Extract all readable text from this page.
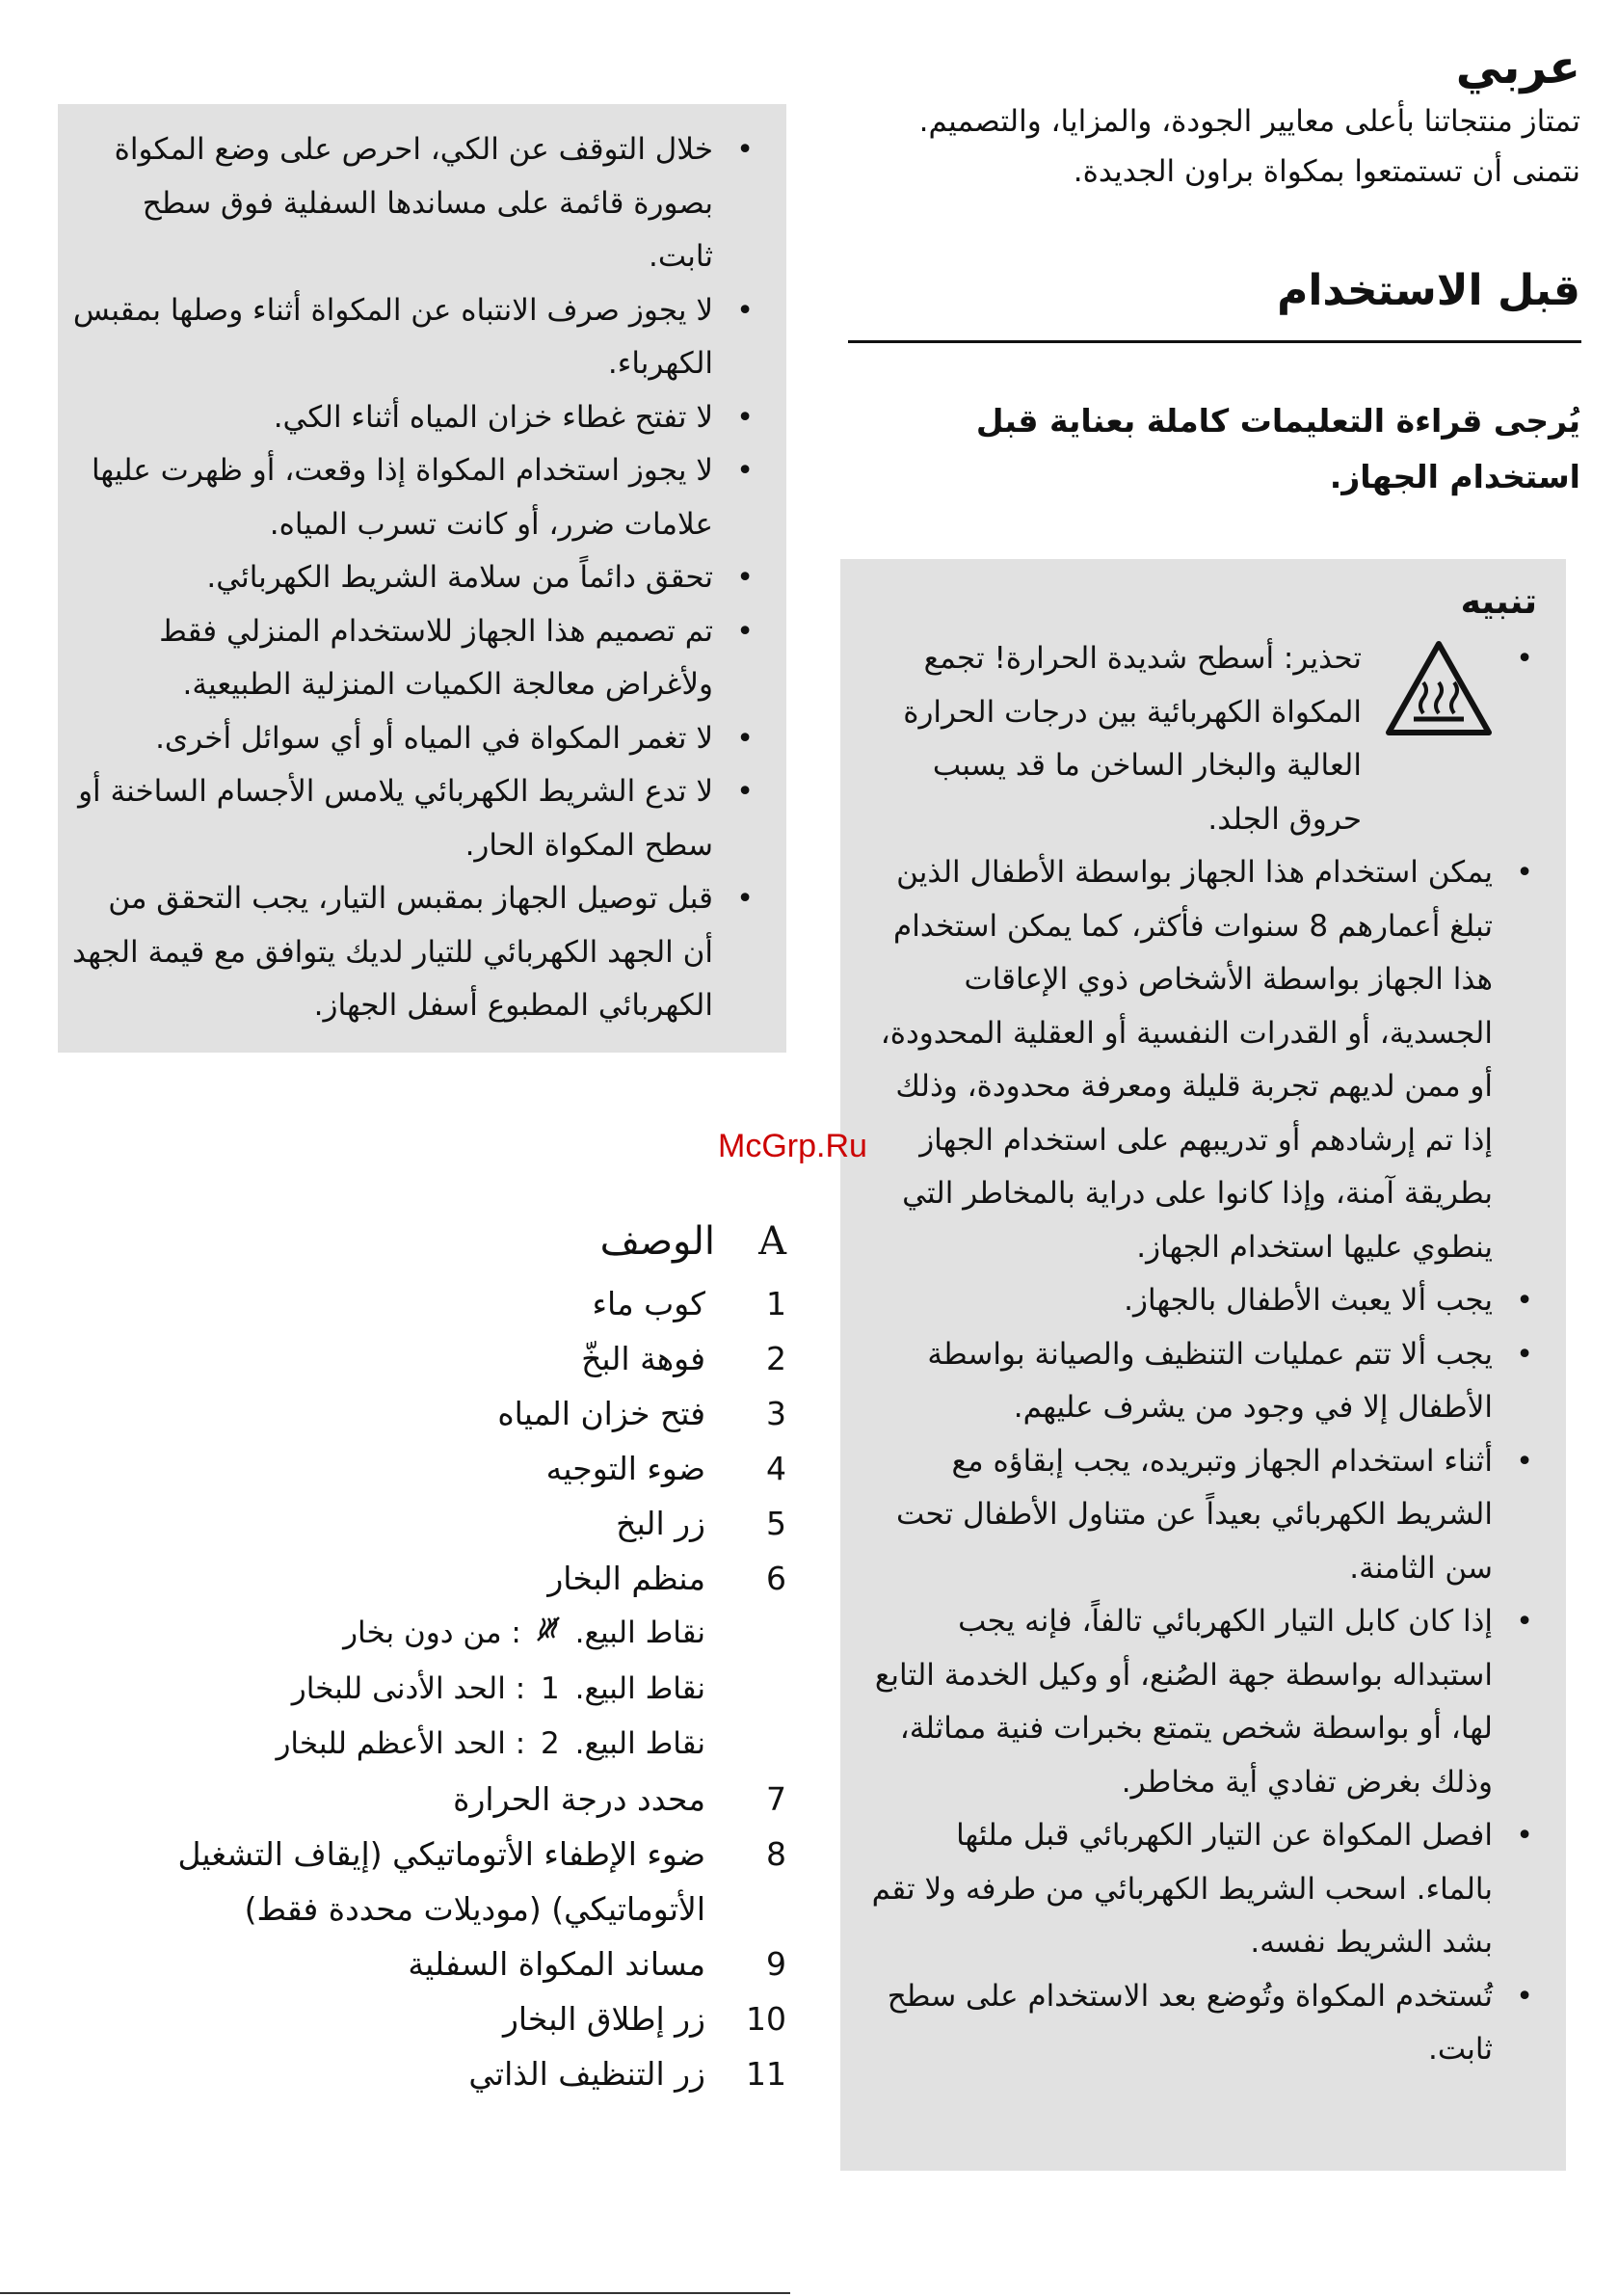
عربي
تمتاز منتجاتنا بأعلى معايير الجودة، والمزايا، والتصميم.
نتمنى أن تستمتعوا بمكواة براون الجديدة.
قبل الاستخدام
يُرجى قراءة التعليمات كاملة بعناية قبل استخدام الجهاز.
تنبيه
• تحذير: أسطح شديدة الحرارة! تجمع المكواة الكهربائية بين درجات الحرارة العالية والبخار الساخن ما قد يسبب حروق الجلد.
• يمكن استخدام هذا الجهاز بواسطة الأطفال الذين تبلغ أعمارهم 8 سنوات فأكثر، كما يمكن استخدام هذا الجهاز بواسطة الأشخاص ذوي الإعاقات الجسدية، أو القدرات النفسية أو العقلية المحدودة، أو ممن لديهم تجربة قليلة ومعرفة محدودة، وذلك إذا تم إرشادهم أو تدريبهم على استخدام الجهاز بطريقة آمنة، وإذا كانوا على دراية بالمخاطر التي ينطوي عليها استخدام الجهاز.
• يجب ألا يعبث الأطفال بالجهاز.
• يجب ألا تتم عمليات التنظيف والصيانة بواسطة الأطفال إلا في وجود من يشرف عليهم.
• أثناء استخدام الجهاز وتبريده، يجب إبقاؤه مع الشريط الكهربائي بعيداً عن متناول الأطفال تحت سن الثامنة.
• إذا كان كابل التيار الكهربائي تالفاً، فإنه يجب استبداله بواسطة جهة الصُنع، أو وكيل الخدمة التابع لها، أو بواسطة شخص يتمتع بخبرات فنية مماثلة، وذلك بغرض تفادي أية مخاطر.
• افصل المكواة عن التيار الكهربائي قبل ملئها بالماء. اسحب الشريط الكهربائي من طرفه ولا تقم بشد الشريط نفسه.
• تُستخدم المكواة وتُوضع بعد الاستخدام على سطح ثابت.
• خلال التوقف عن الكي، احرص على وضع المكواة بصورة قائمة على مساندها السفلية فوق سطح ثابت.
• لا يجوز صرف الانتباه عن المكواة أثناء وصلها بمقبس الكهرباء.
• لا تفتح غطاء خزان المياه أثناء الكي.
• لا يجوز استخدام المكواة إذا وقعت، أو ظهرت عليها علامات ضرر، أو كانت تسرب المياه.
• تحقق دائماً من سلامة الشريط الكهربائي.
• تم تصميم هذا الجهاز للاستخدام المنزلي فقط ولأغراض معالجة الكميات المنزلية الطبيعية.
• لا تغمر المكواة في المياه أو أي سوائل أخرى.
• لا تدع الشريط الكهربائي يلامس الأجسام الساخنة أو سطح المكواة الحار.
• قبل توصيل الجهاز بمقبس التيار، يجب التحقق من أن الجهد الكهربائي للتيار لديك يتوافق مع قيمة الجهد الكهربائي المطبوع أسفل الجهاز.
McGrp.Ru
A
الوصف
1
كوب ماء
2
فوهة البخّ
3
فتح خزان المياه
4
ضوء التوجيه
5
زر البخ
6
منظم البخار
نقاط البيع.  : من دون بخار
نقاط البيع. 1 : الحد الأدنى للبخار
نقاط البيع. 2 : الحد الأعظم للبخار
7
محدد درجة الحرارة
8
ضوء الإطفاء الأتوماتيكي (إيقاف التشغيل الأتوماتيكي) (موديلات محددة فقط)
9
مساند المكواة السفلية
10
زر إطلاق البخار
11
زر التنظيف الذاتي
